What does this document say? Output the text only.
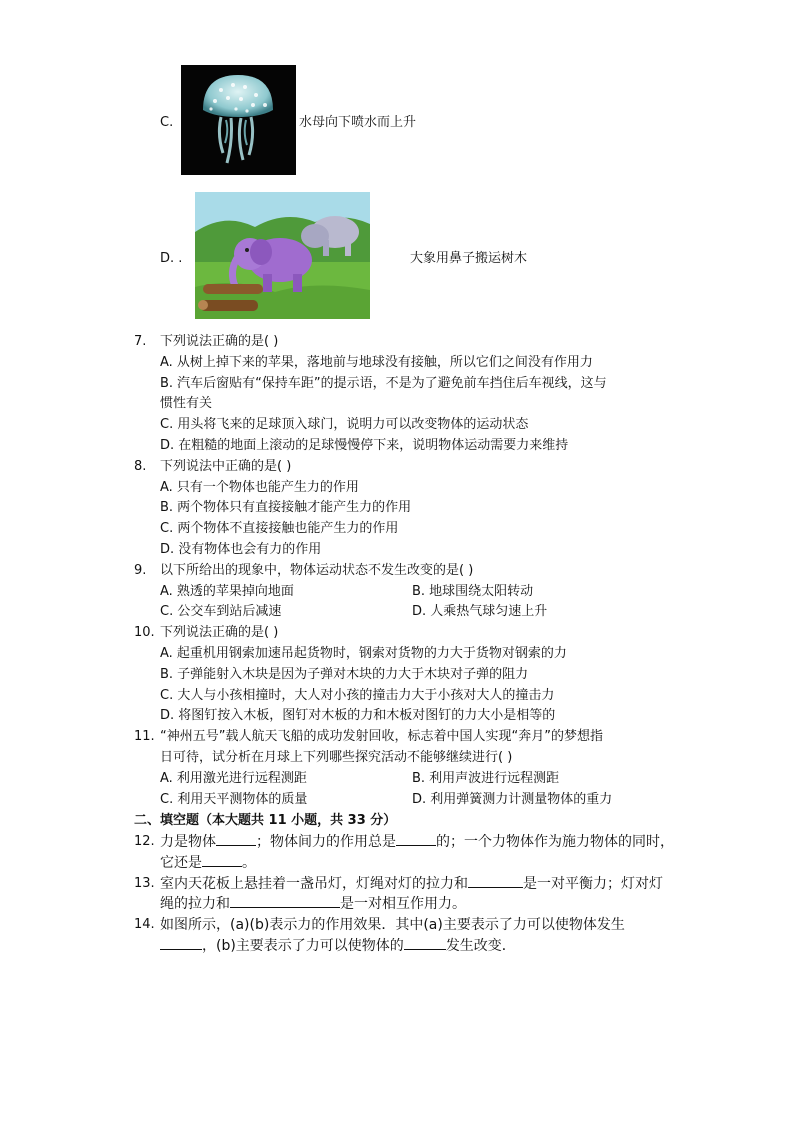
C.	水母向下喷水而上升
D. .	大象用鼻子搬运树木
7. 下列说法正确的是( )
A. 从树上掉下来的苹果，落地前与地球没有接触，所以它们之间没有作用力
B. 汽车后窗贴有“保持车距”的提示语，不是为了避免前车挡住后车视线，这与
惯性有关
C. 用头将飞来的足球顶入球门，说明力可以改变物体的运动状态
D. 在粗糙的地面上滚动的足球慢慢停下来，说明物体运动需要力来维持
8. 下列说法中正确的是( )
A. 只有一个物体也能产生力的作用
B. 两个物体只有直接接触才能产生力的作用
C. 两个物体不直接接触也能产生力的作用
D. 没有物体也会有力的作用
9. 以下所给出的现象中，物体运动状态不发生改变的是( )
A. 熟透的苹果掉向地面	B. 地球围绕太阳转动
C. 公交车到站后减速	D. 人乘热气球匀速上升
10. 下列说法正确的是( )
A. 起重机用钢索加速吊起货物时，钢索对货物的力大于货物对钢索的力
B. 子弹能射入木块是因为子弹对木块的力大于木块对子弹的阻力
C. 大人与小孩相撞时，大人对小孩的撞击力大于小孩对大人的撞击力
D. 将图钉按入木板，图钉对木板的力和木板对图钉的力大小是相等的
11. “神州五号”载人航天飞船的成功发射回收，标志着中国人实现“奔月”的梦想指
日可待，试分析在月球上下列哪些探究活动不能够继续进行( )
A. 利用激光进行远程测距	B. 利用声波进行远程测距
C. 利用天平测物体的质量	D. 利用弹簧测力计测量物体的重力
二、填空题（本大题共 11 小题，共 33 分）
12. 力是物体	；物体间力的作用总是	的；一个力物体作为施力物体的同时，
它还是	。
13. 室内天花板上悬挂着一盏吊灯，灯绳对灯的拉力和	是一对平衡力；灯对灯
绳的拉力和	是一对相互作用力。
14. 如图所示，(a)(b)表示力的作用效果．其中(a)主要表示了力可以使物体发生
，(b)主要表示了力可以使物体的	发生改变．
